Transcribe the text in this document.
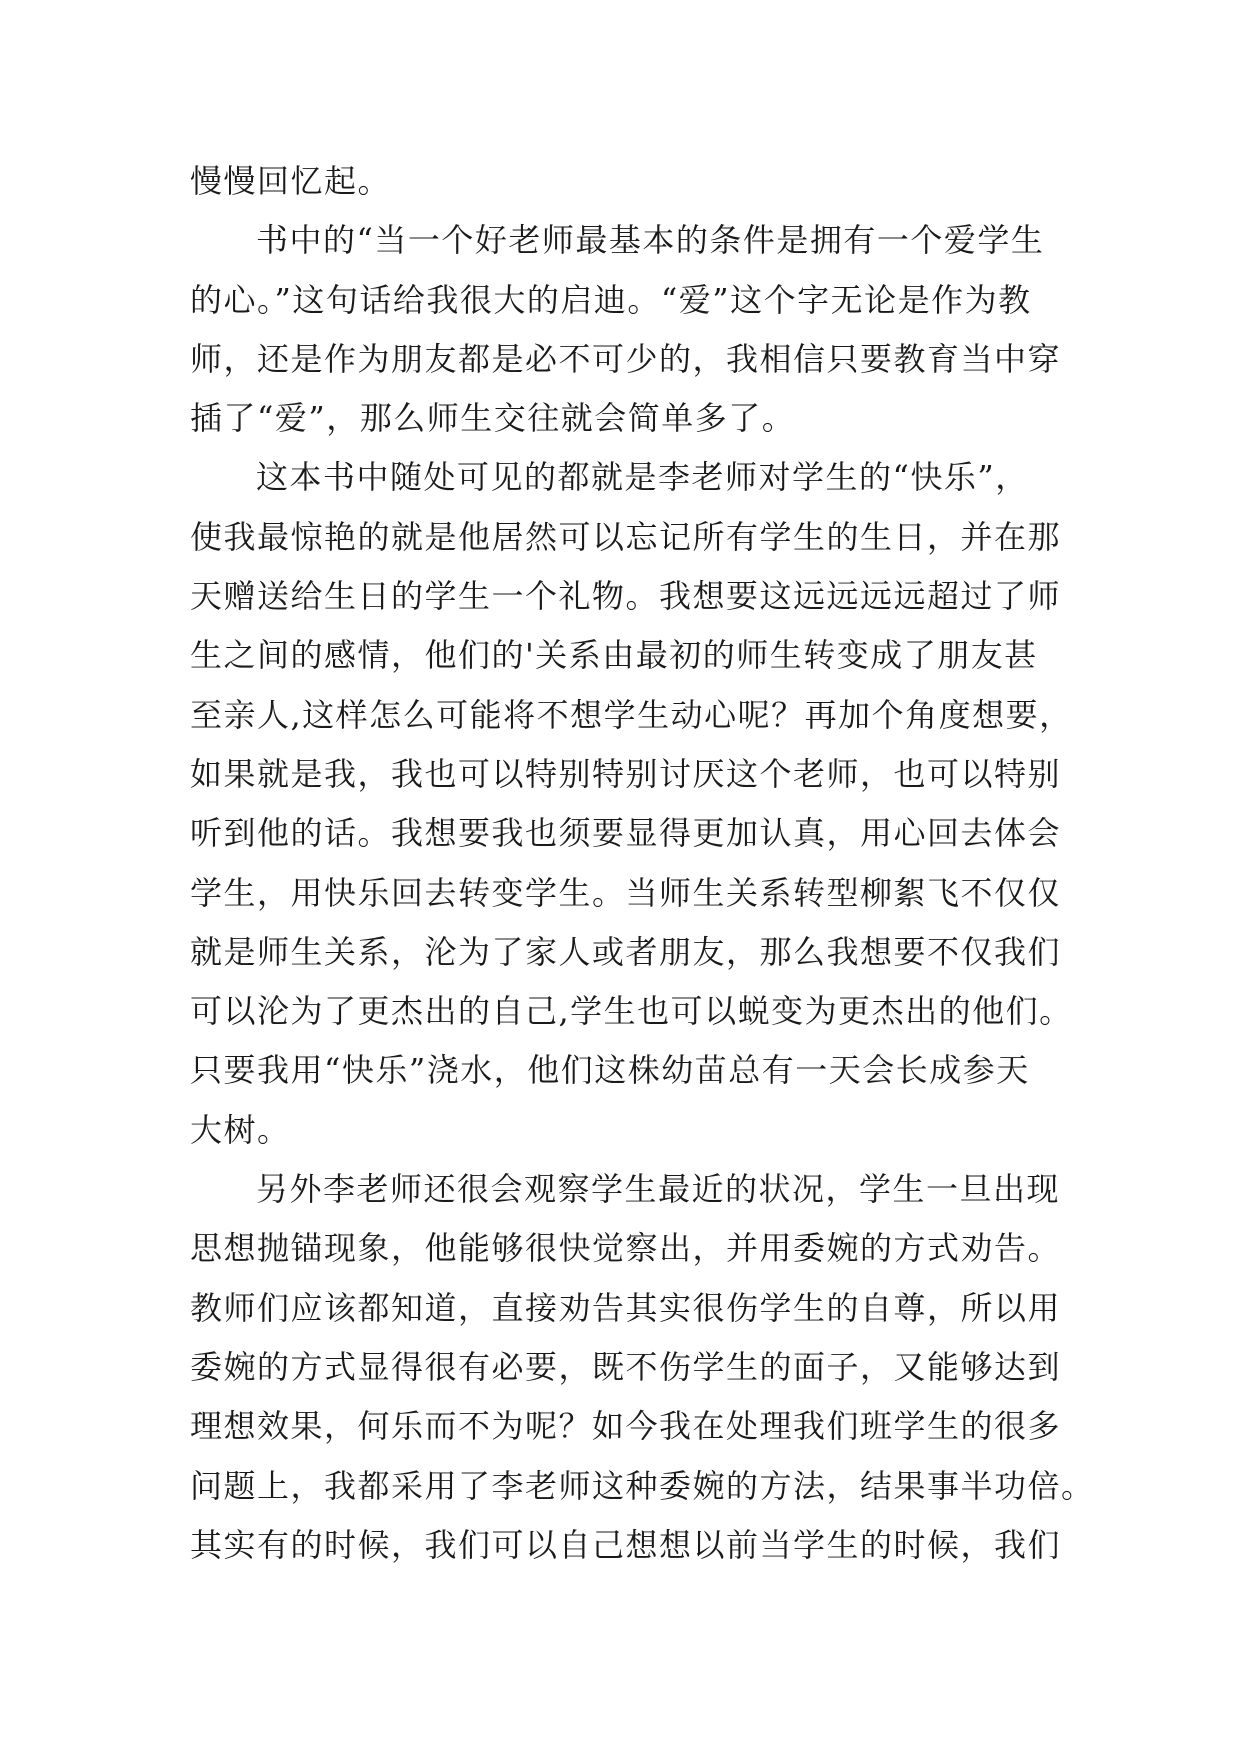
慢慢回忆起。
书中的“当一个好老师最基本的条件是拥有一个爱学生
的心。”这句话给我很大的启迪。“爱”这个字无论是作为教
师，还是作为朋友都是必不可少的，我相信只要教育当中穿
插了“爱”，那么师生交往就会简单多了。
这本书中随处可见的都就是李老师对学生的“快乐”，
使我最惊艳的就是他居然可以忘记所有学生的生日，并在那
天赠送给生日的学生一个礼物。我想要这远远远远超过了师
生之间的感情，他们的'关系由最初的师生转变成了朋友甚
至亲人,这样怎么可能将不想学生动心呢？再加个角度想要，
如果就是我，我也可以特别特别讨厌这个老师，也可以特别
听到他的话。我想要我也须要显得更加认真，用心回去体会
学生，用快乐回去转变学生。当师生关系转型柳絮飞不仅仅
就是师生关系，沦为了家人或者朋友，那么我想要不仅我们
可以沦为了更杰出的自己,学生也可以蜕变为更杰出的他们。
只要我用“快乐”浇水，他们这株幼苗总有一天会长成参天
大树。
另外李老师还很会观察学生最近的状况，学生一旦出现
思想抛锚现象，他能够很快觉察出，并用委婉的方式劝告。
教师们应该都知道，直接劝告其实很伤学生的自尊，所以用
委婉的方式显得很有必要，既不伤学生的面子，又能够达到
理想效果，何乐而不为呢？如今我在处理我们班学生的很多
问题上，我都采用了李老师这种委婉的方法，结果事半功倍。
其实有的时候，我们可以自己想想以前当学生的时候，我们
